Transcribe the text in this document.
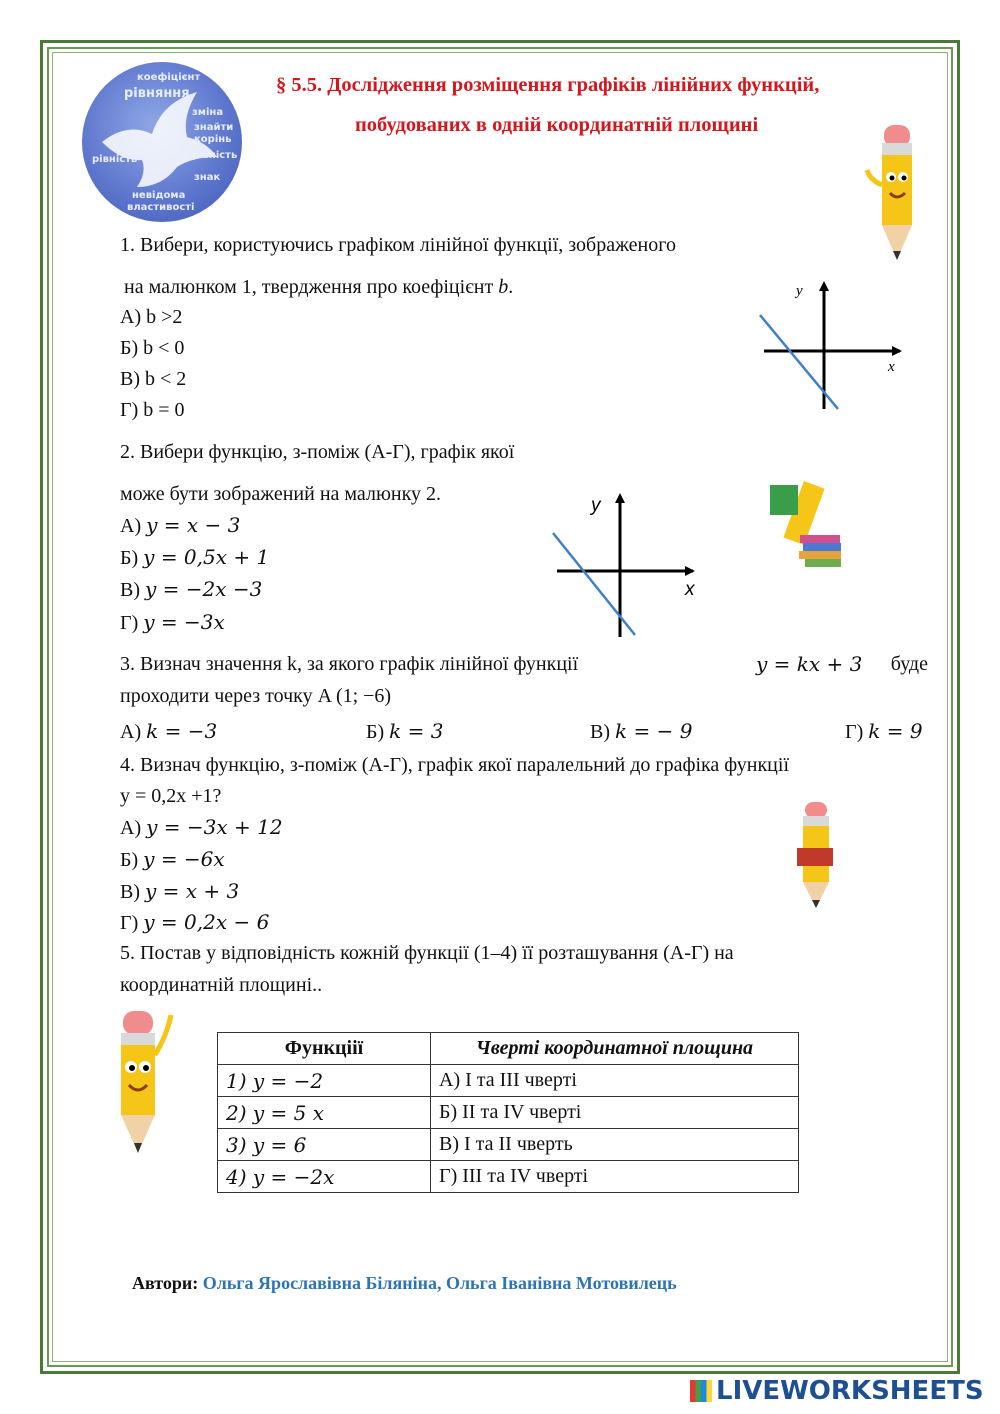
коефіцієнт
рівняння
зміна
знайти
корінь
рівність
невідома
властивості
знак
рівність
§ 5.5. Дослідження розміщення графіків лінійних функцій,
побудованих в одній координатній площині
1. Вибери, користуючись графіком лінійної функції, зображеного
на малюнком 1, твердження про коефіцієнт b.
А) b >2
Б) b < 0
В) b < 2
Г) b = 0
x
y
2. Вибери функцію, з-поміж (А-Г), графік якої
може бути зображений на малюнку 2.
А) y = x − 3
Б) y = 0,5x + 1
В) y = −2x −3
Г) y = −3x
x
y
3. Визнач значення k, за якого графік лінійної функції	y = kx + 3 буде
проходити через точку A (1; −6)
А) k = −3	Б) k = 3	В) k = − 9	Г) k = 9
4. Визнач функцію, з-поміж (А-Г), графік якої паралельний до графіка функції
y = 0,2x +1?
А) y = −3x + 12
Б) y = −6x
В) y = x + 3
Г) y = 0,2x − 6
5. Постав у відповідність кожній функції (1–4) її розташування (А-Г) на
координатній площині..
Функціії	Чверті координатної площина
1) y = −2	А) I та III чверті
2) y = 5 x	Б) II та IV чверті
3) y = 6	В) I та II чверть
4) y = −2x	Г) III та IV чверті
Автори: Ольга Ярославівна Біляніна, Ольга Іванівна Мотовилець
LIVEWORKSHEETS
